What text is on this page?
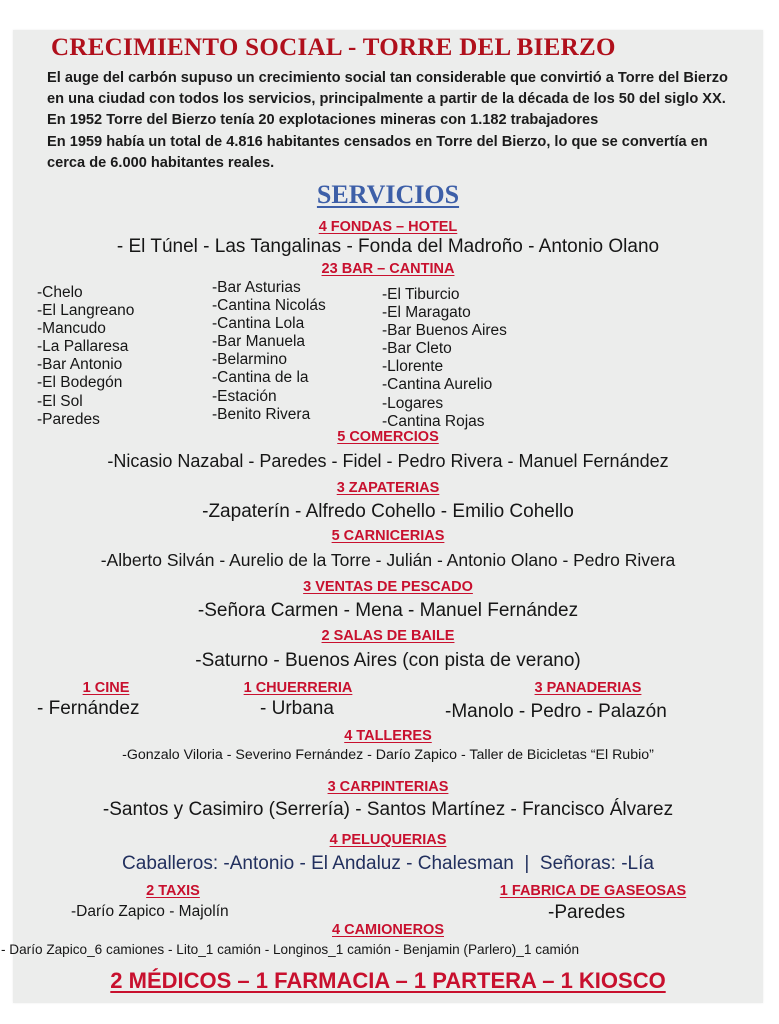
CRECIMIENTO SOCIAL - TORRE DEL BIERZO

El auge del carbón supuso un crecimiento social tan considerable que convirtió a Torre del Bierzo en una ciudad con todos los servicios, principalmente a partir de la década de los 50 del siglo XX. En 1952 Torre del Bierzo tenía 20 explotaciones mineras con 1.182 trabajadores

En 1959 había un total de 4.816 habitantes censados en Torre del Bierzo, lo que se convertía en cerca de 6.000 habitantes reales.

SERVICIOS
4 FONDAS – HOTEL
- El Túnel - Las Tangalinas - Fonda del Madroño - Antonio Olano
23 BAR – CANTINA
-Chelo
-El Langreano
-Mancudo
-La Pallaresa
-Bar Antonio
-El Bodegón
-El Sol
-Paredes
-Bar Asturias
-Cantina Nicolás
-Cantina Lola
-Bar Manuela
-Belarmino
-Cantina de la
-Estación
-Benito Rivera
-El Tiburcio
-El Maragato
-Bar Buenos Aires
-Bar Cleto
-Llorente
-Cantina Aurelio
-Logares
-Cantina Rojas
5 COMERCIOS
-Nicasio Nazabal - Paredes - Fidel - Pedro Rivera - Manuel Fernández
3 ZAPATERIAS
-Zapaterín - Alfredo Cohello - Emilio Cohello
5 CARNICERIAS
-Alberto Silván - Aurelio de la Torre - Julián - Antonio Olano - Pedro Rivera
3 VENTAS DE PESCADO
-Señora Carmen - Mena - Manuel Fernández
2 SALAS DE BAILE
-Saturno - Buenos Aires (con pista de verano)
1 CINE
- Fernández
1 CHUERRERIA
- Urbana
3 PANADERIAS
-Manolo - Pedro - Palazón
4 TALLERES
-Gonzalo Viloria - Severino Fernández - Darío Zapico - Taller de Bicicletas “El Rubio”
3 CARPINTERIAS
-Santos y Casimiro (Serrería) - Santos Martínez - Francisco Álvarez
4 PELUQUERIAS
Caballeros: -Antonio - El Andaluz - Chalesman  |  Señoras: -Lía
2 TAXIS
-Darío Zapico - Majolín
1 FABRICA DE GASEOSAS
-Paredes
4 CAMIONEROS
- Darío Zapico_6 camiones - Lito_1 camión - Longinos_1 camión - Benjamin (Parlero)_1 camión
2 MÉDICOS – 1 FARMACIA – 1 PARTERA – 1 KIOSCO
